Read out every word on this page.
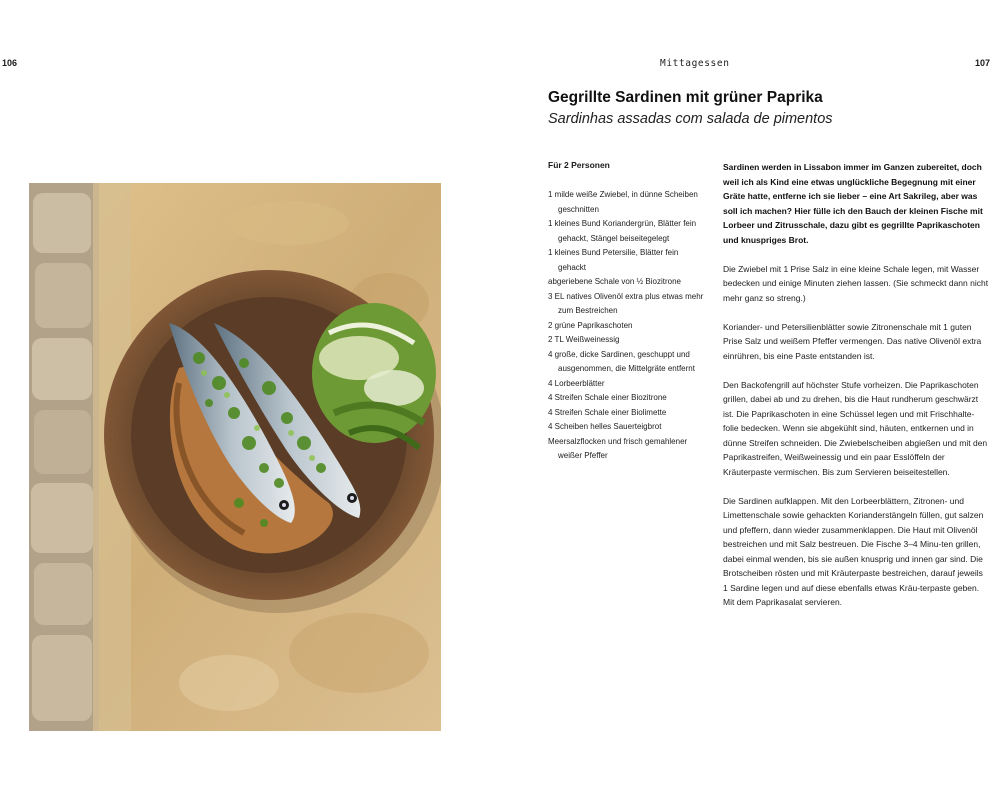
106	Mittagessen	107
Gegrillte Sardinen mit grüner Paprika
Sardinhas assadas com salada de pimentos
Für 2 Personen
1 milde weiße Zwiebel, in dünne Scheiben geschnitten
1 kleines Bund Koriandergrün, Blätter fein gehackt, Stängel beiseitegelegt
1 kleines Bund Petersilie, Blätter fein gehackt
abgeriebene Schale von ½ Biozitrone
3 EL natives Olivenöl extra plus etwas mehr zum Bestreichen
2 grüne Paprikaschoten
2 TL Weißweinessig
4 große, dicke Sardinen, geschuppt und ausgenommen, die Mittelgräte entfernt
4 Lorbeerblätter
4 Streifen Schale einer Biozitrone
4 Streifen Schale einer Biolimette
4 Scheiben helles Sauerteigbrot
Meersalzflocken und frisch gemahlener weißer Pfeffer

Sardinen werden in Lissabon immer im Ganzen zubereitet, doch weil ich als Kind eine etwas unglückliche Begegnung mit einer Gräte hatte, entferne ich sie lieber – eine Art Sakrileg, aber was soll ich machen? Hier fülle ich den Bauch der kleinen Fische mit Lorbeer und Zitrusschale, dazu gibt es gegrillte Paprikaschoten und knuspriges Brot.

Die Zwiebel mit 1 Prise Salz in eine kleine Schale legen, mit Wasser bedecken und einige Minuten ziehen lassen. (Sie schmeckt dann nicht mehr ganz so streng.)

Koriander- und Petersilienblätter sowie Zitronenschale mit 1 guten Prise Salz und weißem Pfeffer vermengen. Das native Olivenöl extra einrühren, bis eine Paste entstanden ist.

Den Backofengrill auf höchster Stufe vorheizen. Die Paprikaschoten grillen, dabei ab und zu drehen, bis die Haut rundherum geschwärzt ist. Die Paprikaschoten in eine Schüssel legen und mit Frischhalte-folie bedecken. Wenn sie abgekühlt sind, häuten, entkernen und in dünne Streifen schneiden. Die Zwiebelscheiben abgießen und mit den Paprikastreifen, Weißweinessig und ein paar Esslöffeln der Kräuterpaste vermischen. Bis zum Servieren beiseitestellen.

Die Sardinen aufklappen. Mit den Lorbeerblättern, Zitronen- und Limettenschale sowie gehackten Korianderstängeln füllen, gut salzen und pfeffern, dann wieder zusammenklappen. Die Haut mit Olivenöl bestreichen und mit Salz bestreuen. Die Fische 3–4 Minu-ten grillen, dabei einmal wenden, bis sie außen knusprig und innen gar sind. Die Brotscheiben rösten und mit Kräuterpaste bestreichen, darauf jeweils 1 Sardine legen und auf diese ebenfalls etwas Kräu-terpaste geben. Mit dem Paprikasalat servieren.
